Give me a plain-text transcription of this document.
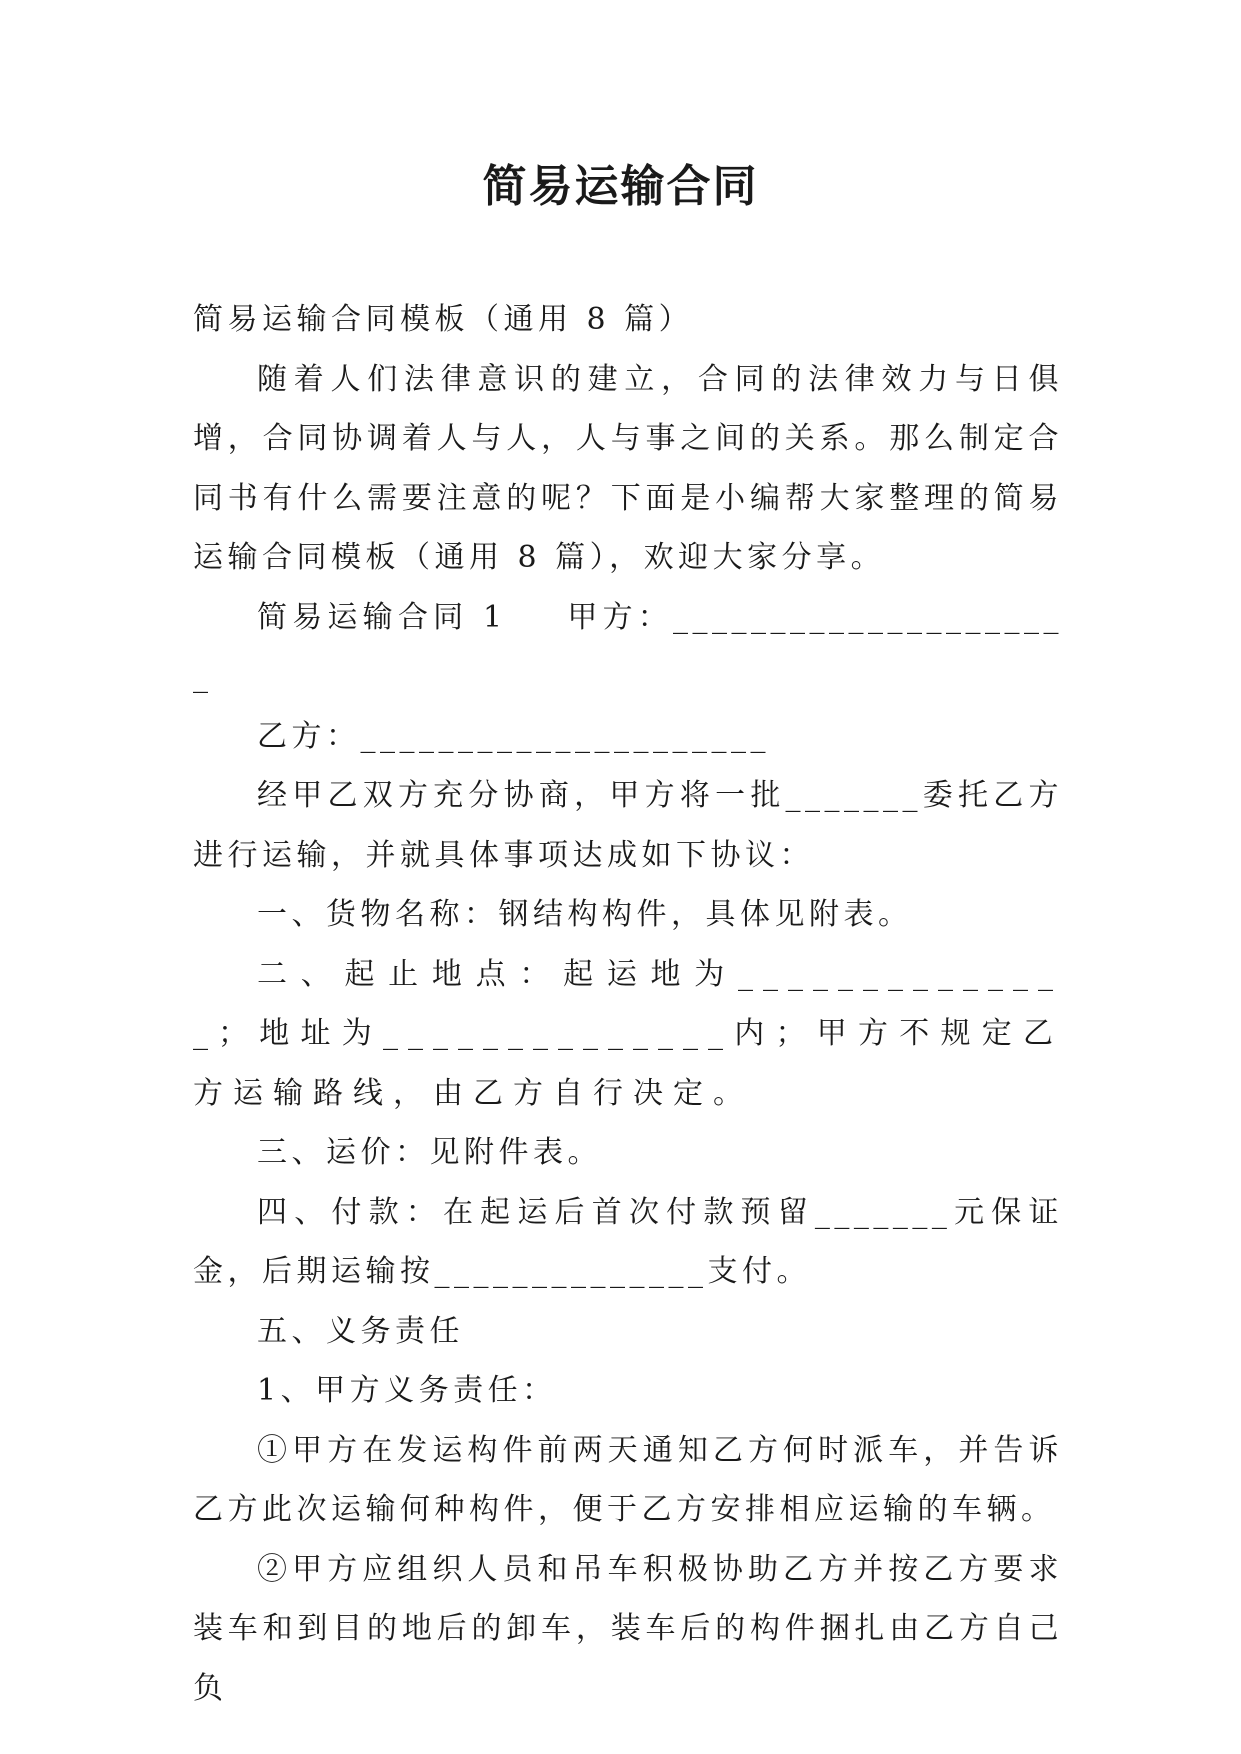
简易运输合同

简易运输合同模板（通用 8 篇）

随着人们法律意识的建立，合同的法律效力与日俱增，合同协调着人与人，人与事之间的关系。那么制定合同书有什么需要注意的呢？下面是小编帮大家整理的简易运输合同模板（通用 8 篇），欢迎大家分享。

简易运输合同 1 甲方：_____________________

乙方：_____________________

经甲乙双方充分协商，甲方将一批_______委托乙方进行运输，并就具体事项达成如下协议：

一、货物名称：钢结构构件，具体见附表。

二、起止地点：起运地为______________；地址为______________内；甲方不规定乙方运输路线，由乙方自行决定。

三、运价：见附件表。

四、付款：在起运后首次付款预留_______元保证金，后期运输按______________支付。

五、义务责任

1、甲方义务责任：

①甲方在发运构件前两天通知乙方何时派车，并告诉乙方此次运输何种构件，便于乙方安排相应运输的车辆。

②甲方应组织人员和吊车积极协助乙方并按乙方要求装车和到目的地后的卸车，装车后的构件捆扎由乙方自己负
